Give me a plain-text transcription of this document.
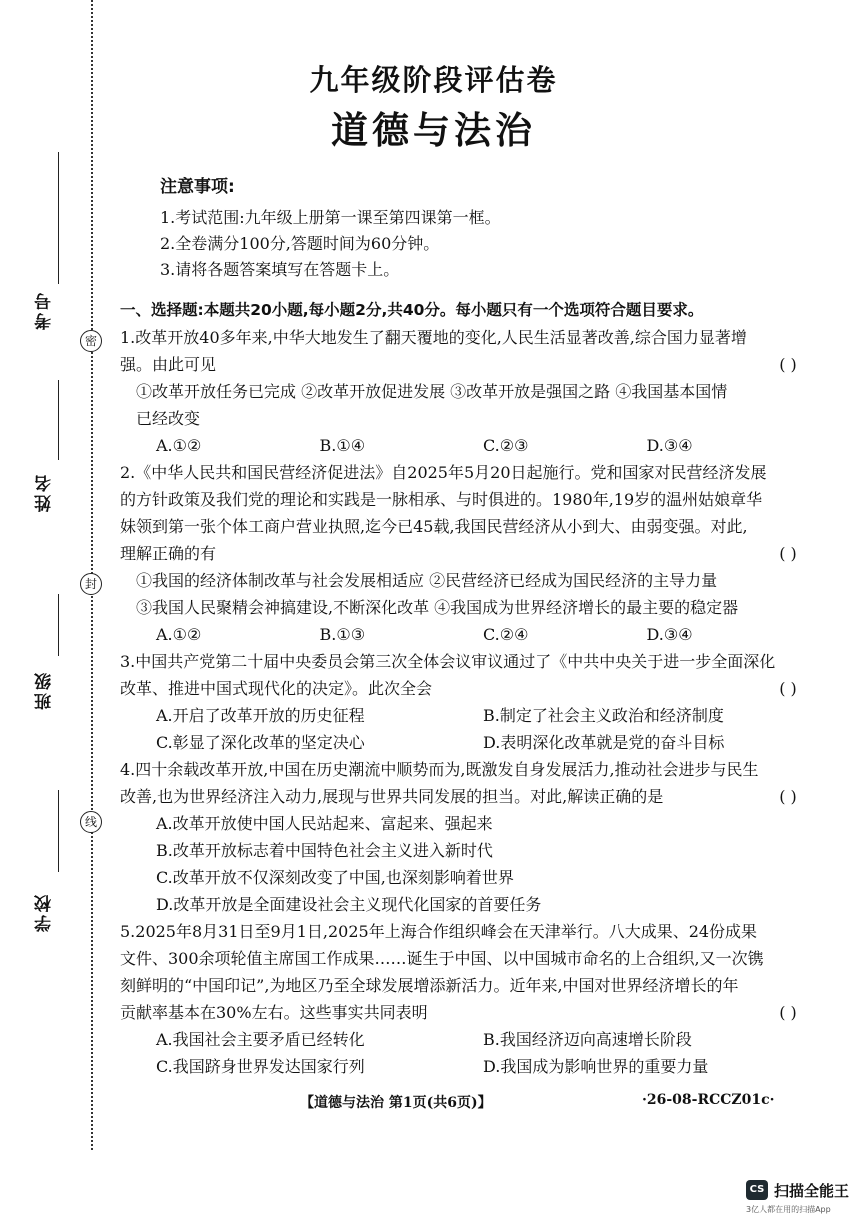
考号
姓名
班级
学校
密
封
线
九年级阶段评估卷
道德与法治
注意事项:
1.考试范围:九年级上册第一课至第四课第一框。
2.全卷满分100分,答题时间为60分钟。
3.请将各题答案填写在答题卡上。
一、选择题:本题共20小题,每小题2分,共40分。每小题只有一个选项符合题目要求。
1.改革开放40多年来,中华大地发生了翻天覆地的变化,人民生活显著改善,综合国力显著增
强。由此可见	( )
①改革开放任务已完成 ②改革开放促进发展 ③改革开放是强国之路 ④我国基本国情
已经改变
A.①②	B.①④	C.②③	D.③④
2.《中华人民共和国民营经济促进法》自2025年5月20日起施行。党和国家对民营经济发展
的方针政策及我们党的理论和实践是一脉相承、与时俱进的。1980年,19岁的温州姑娘章华
妹领到第一张个体工商户营业执照,迄今已45载,我国民营经济从小到大、由弱变强。对此,
理解正确的有	( )
①我国的经济体制改革与社会发展相适应 ②民营经济已经成为国民经济的主导力量
③我国人民聚精会神搞建设,不断深化改革 ④我国成为世界经济增长的最主要的稳定器
A.①②	B.①③	C.②④	D.③④
3.中国共产党第二十届中央委员会第三次全体会议审议通过了《中共中央关于进一步全面深化
改革、推进中国式现代化的决定》。此次全会	( )
A.开启了改革开放的历史征程	B.制定了社会主义政治和经济制度
C.彰显了深化改革的坚定决心	D.表明深化改革就是党的奋斗目标
4.四十余载改革开放,中国在历史潮流中顺势而为,既激发自身发展活力,推动社会进步与民生
改善,也为世界经济注入动力,展现与世界共同发展的担当。对此,解读正确的是	( )
A.改革开放使中国人民站起来、富起来、强起来
B.改革开放标志着中国特色社会主义进入新时代
C.改革开放不仅深刻改变了中国,也深刻影响着世界
D.改革开放是全面建设社会主义现代化国家的首要任务
5.2025年8月31日至9月1日,2025年上海合作组织峰会在天津举行。八大成果、24份成果
文件、300余项轮值主席国工作成果……诞生于中国、以中国城市命名的上合组织,又一次镌
刻鲜明的“中国印记”,为地区乃至全球发展增添新活力。近年来,中国对世界经济增长的年
贡献率基本在30%左右。这些事实共同表明	( )
A.我国社会主要矛盾已经转化	B.我国经济迈向高速增长阶段
C.我国跻身世界发达国家行列	D.我国成为影响世界的重要力量
【道德与法治 第1页(共6页)】	·26-08-RCCZ01c·
CS 扫描全能王
3亿人都在用的扫描App
